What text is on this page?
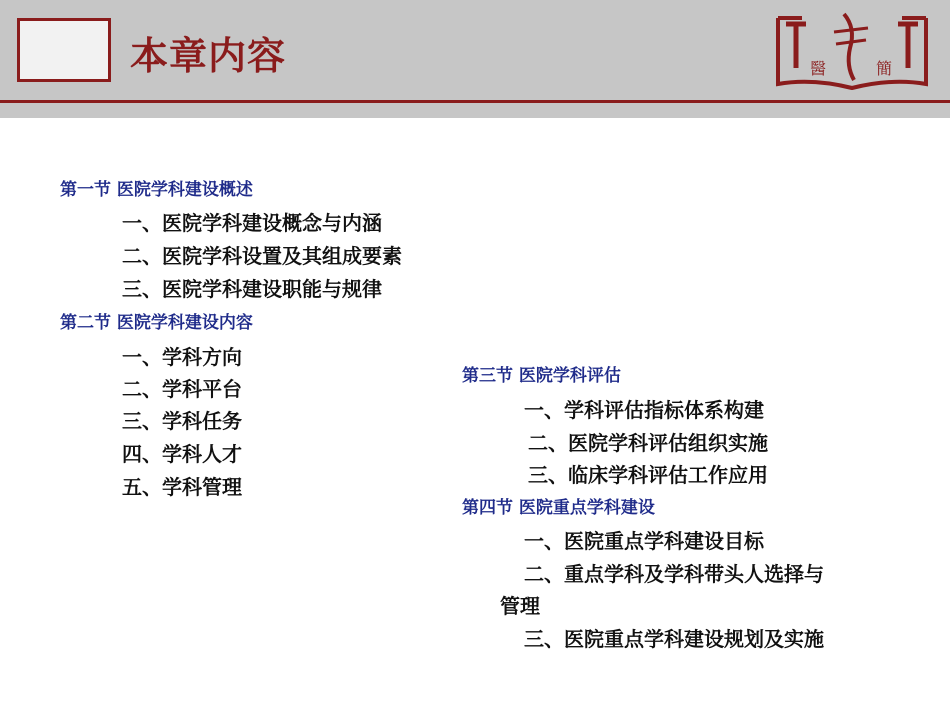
本章内容	醫	簡
第一节 医院学科建设概述
一、医院学科建设概念与内涵
二、医院学科设置及其组成要素
三、医院学科建设职能与规律
第二节 医院学科建设内容
一、学科方向
二、学科平台
三、学科任务
四、学科人才
五、学科管理
第三节 医院学科评估
一、学科评估指标体系构建
二、医院学科评估组织实施
三、临床学科评估工作应用
第四节 医院重点学科建设
一、医院重点学科建设目标
二、重点学科及学科带头人选择与
管理
三、医院重点学科建设规划及实施
